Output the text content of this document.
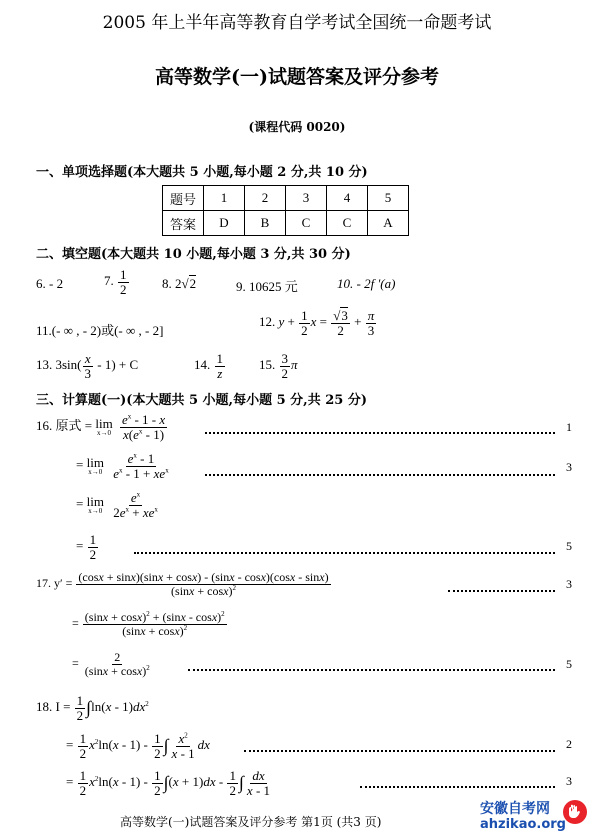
2005 年上半年高等教育自学考试全国统一命题考试
高等数学(一)试题答案及评分参考
(课程代码 0020)
一、单项选择题(本大题共 5 小题,每小题 2 分,共 10 分)
题号	1	2	3	4	5
答案	D	B	C	C	A
二、填空题(本大题共 10 小题,每小题 3 分,共 30 分)
6. - 2	7. $\frac{1}{2}$	8. 2√2	9. 10625 元	10. - 2f ′(a)
11.(- ∞ , - 2)或(- ∞ , - 2]
12. $y + \frac{1}{2}$ $x = \frac{√3}{2} + \frac{\pi}{3}$
13. $3\sin( \frac{x}{3} - 1) + C$	14. $\frac{1}{z}$	15. $\frac{3}{2}$ π
三、计算题(一)(本大题共 5 小题,每小题 5 分,共 25 分)
16. 原式 = lim
x→0
$\frac{e^x - 1 - x}{x(e^x - 1)}$	1
= lim
x→0
$\frac{e^x - 1}{e^x - 1 + xe^x}$	3
= lim
x→0
$\frac{e^x}{2e^x + xe^x}$
= $\frac{1}{2}$	5
17. $y' = \frac{(\cos x + \sin x)(\sin x + \cos x) - (\sin x - \cos x)(\cos x - \sin x)}{(\sin x + \cos x)^2}$	3
= $\frac{(\sin x + \cos x)^2 + (\sin x - \cos x)^2}{(\sin x + \cos x)^2}$
= $\frac{2}{(\sin x + \cos x)^2}$	5
18. $I = \frac{1}{2} \int\ln(x - 1)dx^2$
= $\frac{1}{2} x^2\ln(x - 1) - \frac{1}{2}$ ∫ $\frac{x^2}{x - 1}$ dx	2
= $\frac{1}{2} x^2\ln(x - 1) - \frac{1}{2} \int(x + 1)dx - \frac{1}{2}$ ∫ $\frac{dx}{x - 1}$	3
高等数学(一)试题答案及评分参考 第1页 (共3 页)
安徽自考网
ahzikao.org
